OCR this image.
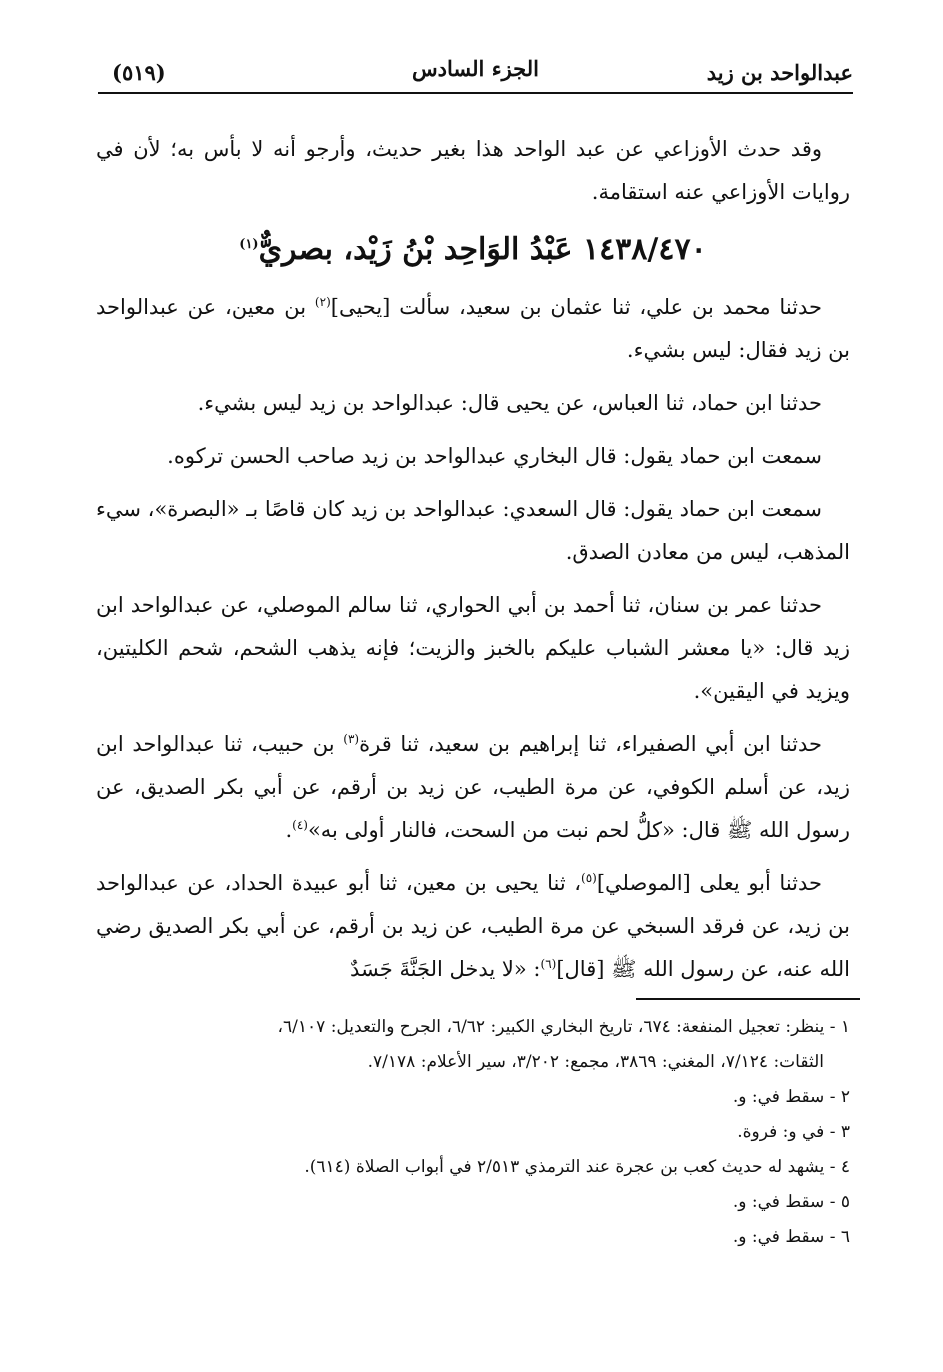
عبدالواحد بن زيد
الجزء السادس
(٥١٩)

وقد حدث الأوزاعي عن عبد الواحد هذا بغير حديث، وأرجو أنه لا بأس به؛ لأن في روايات الأوزاعي عنه استقامة.

١٤٣٨/٤٧٠ عَبْدُ الوَاحِد بْنُ زَيْد، بصريٌّ$^{(١)}$

حدثنا محمد بن علي، ثنا عثمان بن سعيد، سألت [يحيى]$^{(٢)}$ بن معين، عن عبدالواحد بن زيد فقال: ليس بشيء.

حدثنا ابن حماد، ثنا العباس، عن يحيى قال: عبدالواحد بن زيد ليس بشيء.

سمعت ابن حماد يقول: قال البخاري عبدالواحد بن زيد صاحب الحسن تركوه.

سمعت ابن حماد يقول: قال السعدي: عبدالواحد بن زيد كان قاصًا بـ «البصرة»، سيء المذهب، ليس من معادن الصدق.

حدثنا عمر بن سنان، ثنا أحمد بن أبي الحواري، ثنا سالم الموصلي، عن عبدالواحد ابن زيد قال: «يا معشر الشباب عليكم بالخبز والزيت؛ فإنه يذهب الشحم، شحم الكليتين، ويزيد في اليقين».

حدثنا ابن أبي الصفيراء، ثنا إبراهيم بن سعيد، ثنا قرة$^{(٣)}$ بن حبيب، ثنا عبدالواحد ابن زيد، عن أسلم الكوفي، عن مرة الطيب، عن زيد بن أرقم، عن أبي بكر الصديق، عن رسول الله ﷺ قال: «كلُّ لحم نبت من السحت، فالنار أولى به»$^{(٤)}$.

حدثنا أبو يعلى [الموصلي]$^{(٥)}$، ثنا يحيى بن معين، ثنا أبو عبيدة الحداد، عن عبدالواحد بن زيد، عن فرقد السبخي عن مرة الطيب، عن زيد بن أرقم، عن أبي بكر الصديق رضي الله عنه، عن رسول الله ﷺ [قال]$^{(٦)}$: «لا يدخل الجَنَّةَ جَسَدٌ

١ - ينظر: تعجيل المنفعة: ٦٧٤، تاريخ البخاري الكبير: ٦/٦٢، الجرح والتعديل: ٦/١٠٧،

الثقات: ٧/١٢٤، المغني: ٣٨٦٩، مجمع: ٣/٢٠٢، سير الأعلام: ٧/١٧٨.

٢ - سقط في: و.

٣ - في و: فروة.

٤ - يشهد له حديث كعب بن عجرة عند الترمذي ٢/٥١٣ في أبواب الصلاة (٦١٤).

٥ - سقط في: و.

٦ - سقط في: و.
